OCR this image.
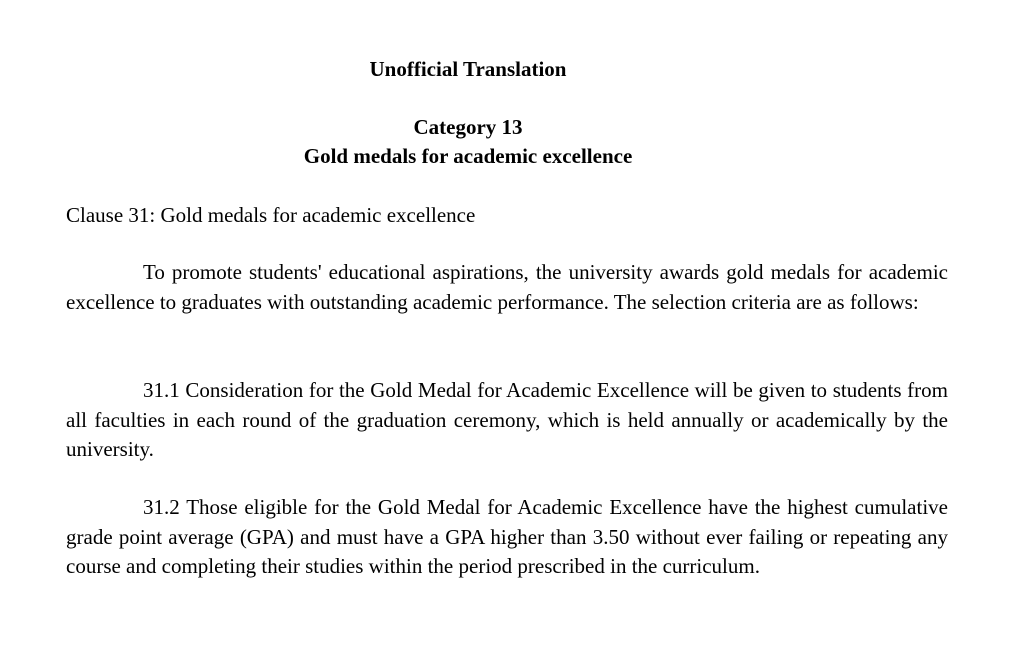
Unofficial Translation

Category 13

Gold medals for academic excellence

Clause 31: Gold medals for academic excellence

To promote students' educational aspirations, the university awards gold medals for academic excellence to graduates with outstanding academic performance. The selection criteria are as follows:

31.1 Consideration for the Gold Medal for Academic Excellence will be given to students from all faculties in each round of the graduation ceremony, which is held annually or academically by the university.

31.2 Those eligible for the Gold Medal for Academic Excellence have the highest cumulative grade point average (GPA) and must have a GPA higher than 3.50 without ever failing or repeating any course and completing their studies within the period prescribed in the curriculum.
